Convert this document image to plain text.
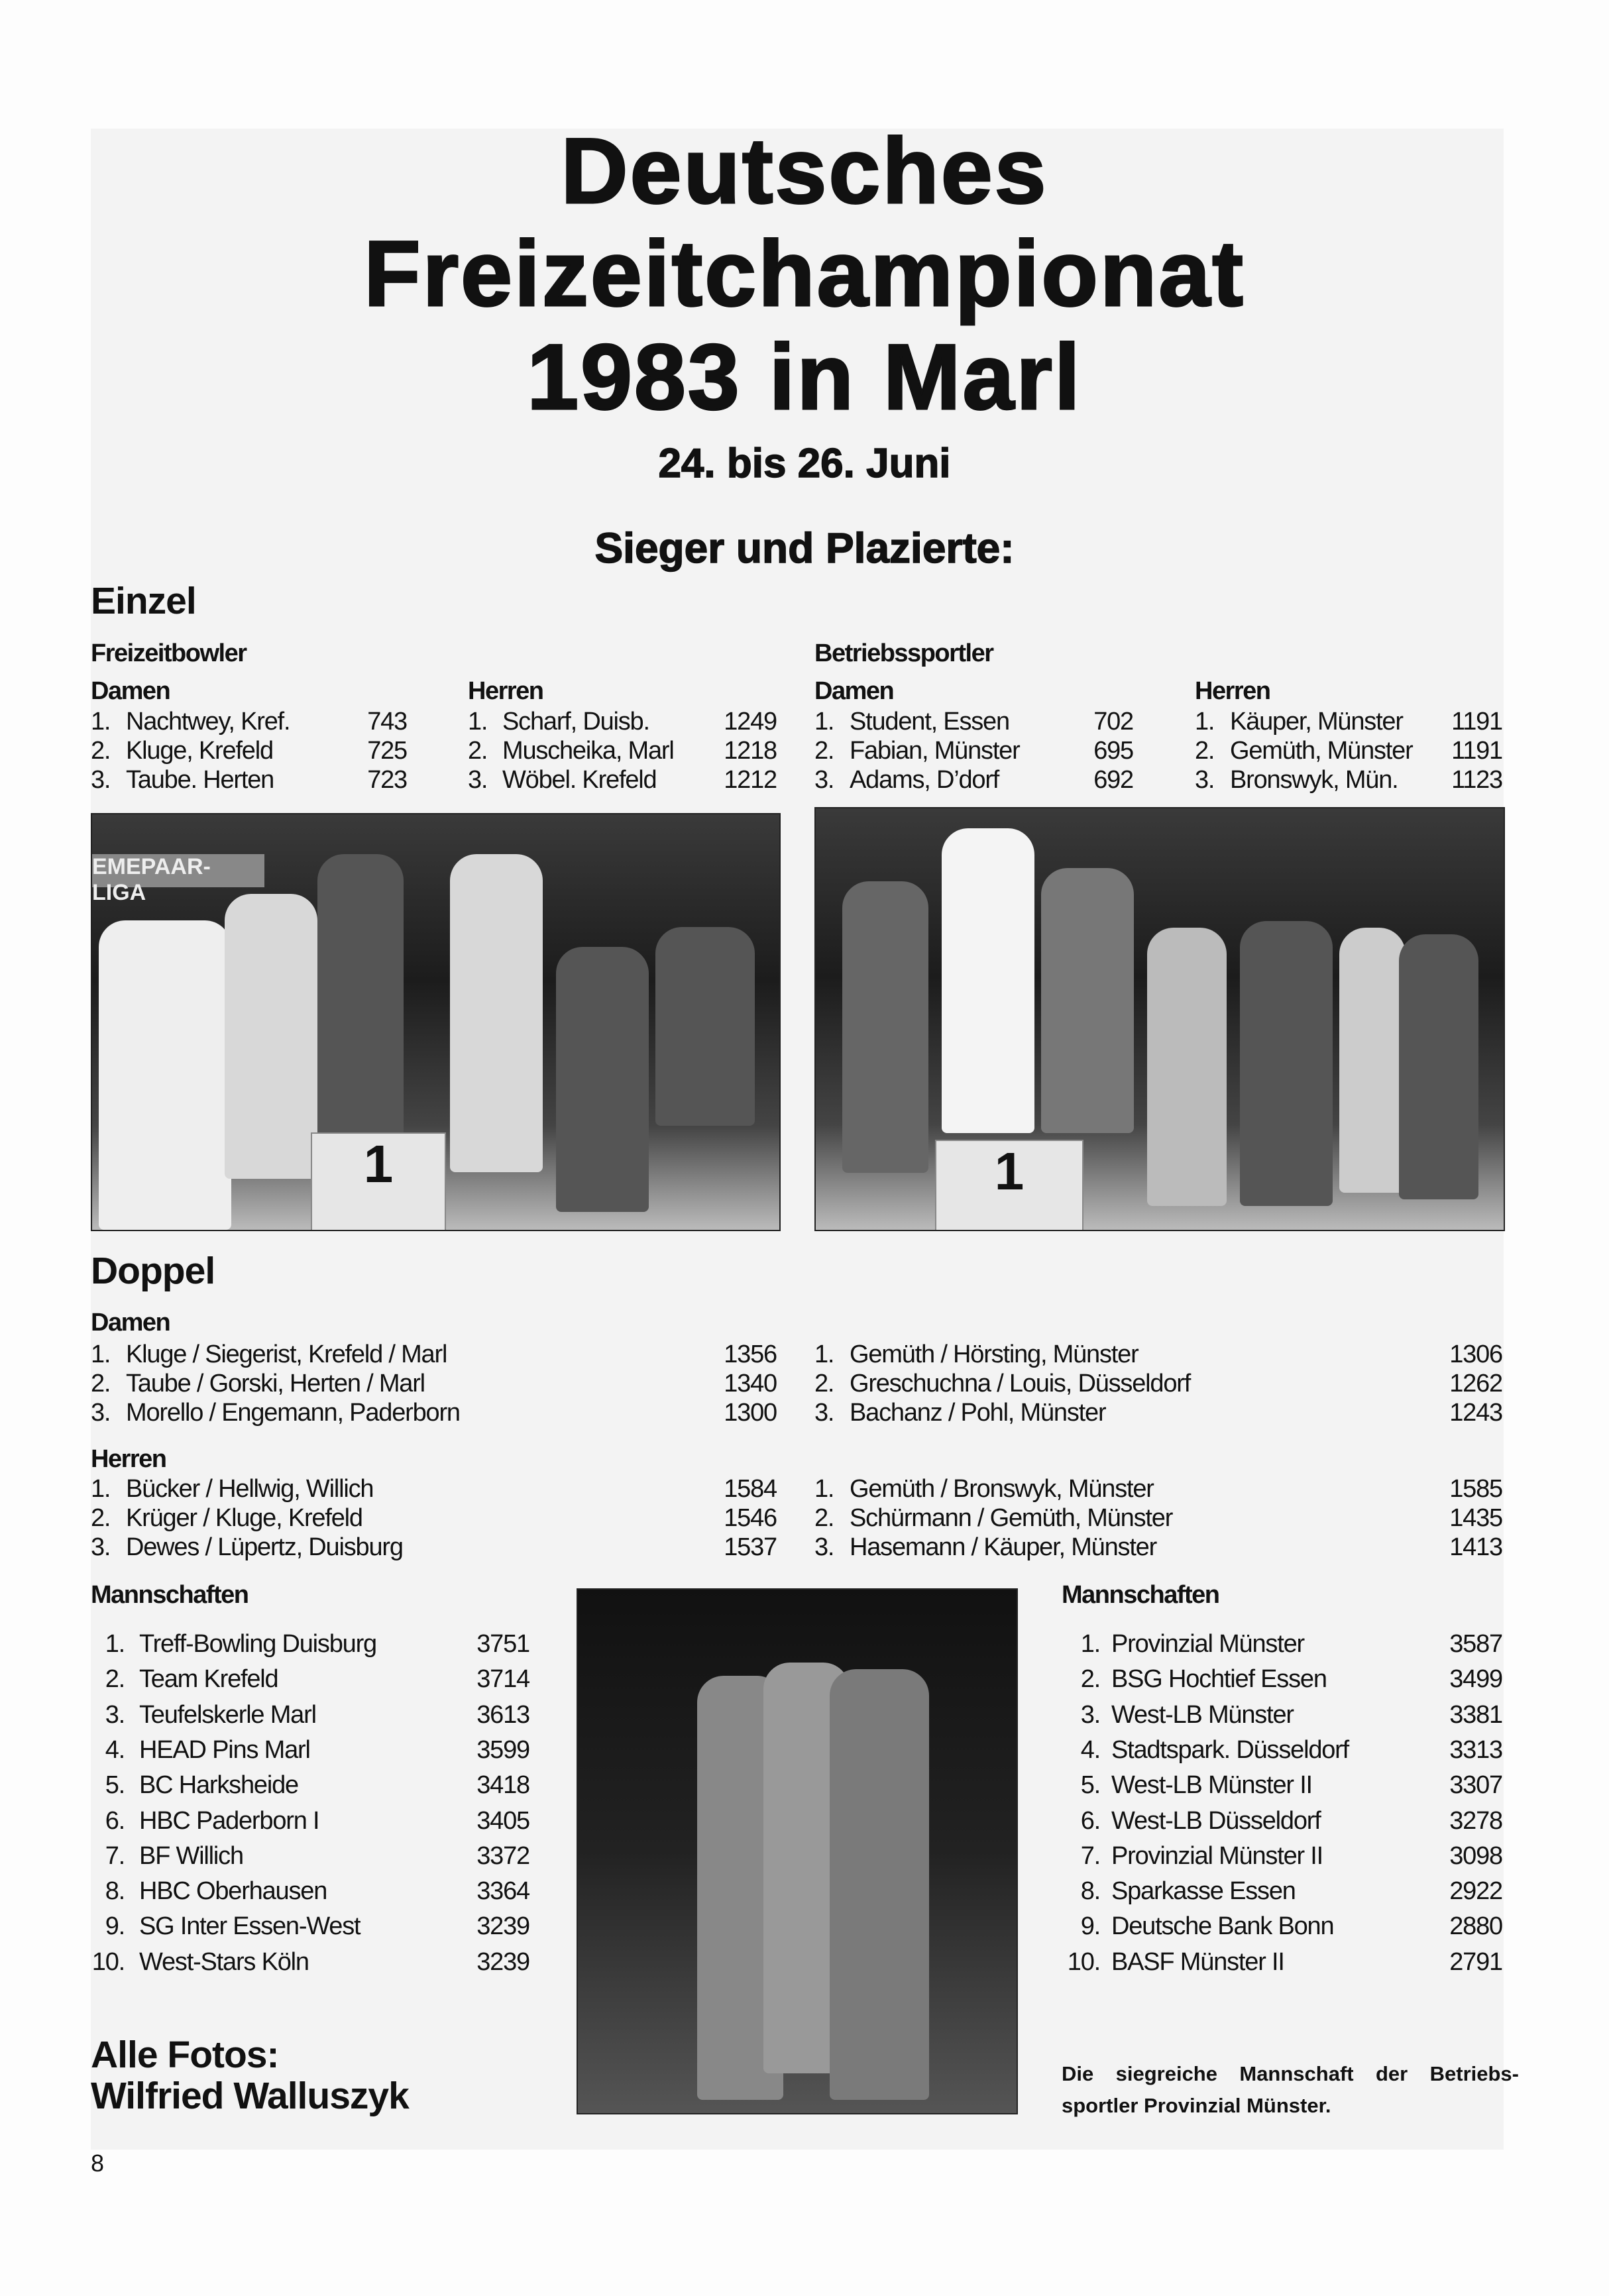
Deutsches
Freizeitchampionat
1983 in Marl
24. bis 26. Juni
Sieger und Plazierte:
Einzel
Freizeitbowler	Betriebssportler
Damen
1. Nachtwey, Kref.	743
2. Kluge, Krefeld	725
3. Taube. Herten	723
Herren
1. Scharf, Duisb.	1249
2. Muscheika, Marl	1218
3. Wöbel. Krefeld	1212
Damen
1. Student, Essen	702
2. Fabian, Münster	695
3. Adams, D’dorf	692
Herren
1. Käuper, Münster	1191
2. Gemüth, Münster	1191
3. Bronswyk, Mün.	1123
EMEPAAR-LIGA
1	1
Doppel
Damen
Herren
1. Kluge / Siegerist, Krefeld / Marl	1356
2. Taube / Gorski, Herten / Marl	1340
3. Morello / Engemann, Paderborn	1300
1. Gemüth / Hörsting, Münster	1306
2. Greschuchna / Louis, Düsseldorf	1262
3. Bachanz / Pohl, Münster	1243
1. Bücker / Hellwig, Willich	1584
2. Krüger / Kluge, Krefeld	1546
3. Dewes / Lüpertz, Duisburg	1537
1. Gemüth / Bronswyk, Münster	1585
2. Schürmann / Gemüth, Münster	1435
3. Hasemann / Käuper, Münster	1413
Mannschaften	Mannschaften
1. Treff-Bowling Duisburg	3751
2. Team Krefeld	3714
3. Teufelskerle Marl	3613
4. HEAD Pins Marl	3599
5. BC Harksheide	3418
6. HBC Paderborn I	3405
7. BF Willich	3372
8. HBC Oberhausen	3364
9. SG Inter Essen-West	3239
10. West-Stars Köln	3239
1. Provinzial Münster	3587
2. BSG Hochtief Essen	3499
3. West-LB Münster	3381
4. Stadtspark. Düsseldorf	3313
5. West-LB Münster II	3307
6. West-LB Düsseldorf	3278
7. Provinzial Münster II	3098
8. Sparkasse Essen	2922
9. Deutsche Bank Bonn	2880
10. BASF Münster II	2791
Alle Fotos:
Wilfried Walluszyk
Die siegreiche Mannschaft der Betriebs-sportler Provinzial Münster.
8
